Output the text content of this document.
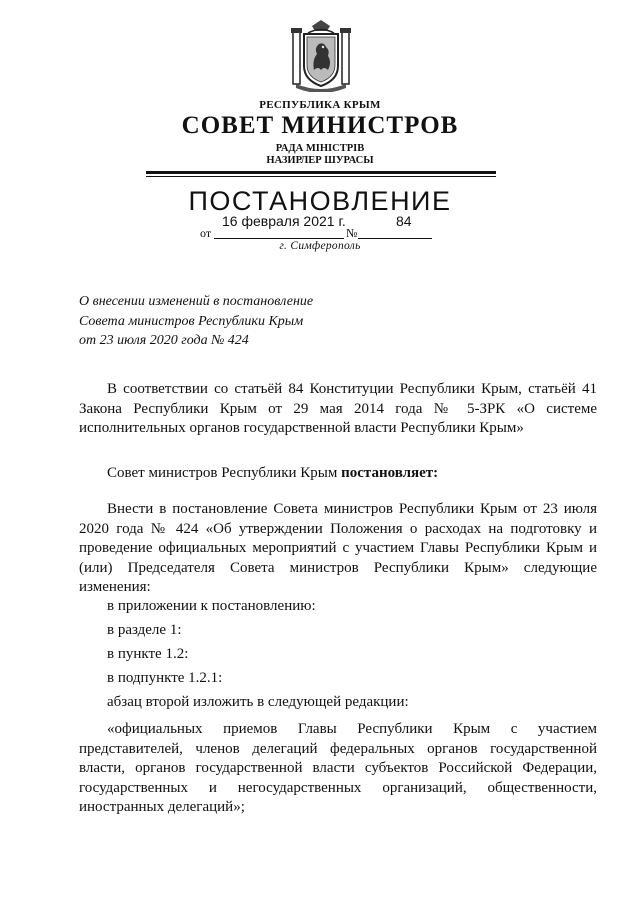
РЕСПУБЛИКА КРЫМ
СОВЕТ МИНИСТРОВ
РАДА МІНІСТРІВ
НАЗИРЛЕР ШУРАСЫ
ПОСТАНОВЛЕНИЕ
от
16 февраля 2021 г.
№
84
г. Симферополь
О внесении изменений в постановление
Совета министров Республики Крым
от 23 июля 2020 года № 424
В соответствии со статьёй 84 Конституции Республики Крым, статьёй 41 Закона Республики Крым от 29 мая 2014 года № 5-ЗРК «О системе исполнительных органов государственной власти Республики Крым»
Совет министров Республики Крым постановляет:
Внести в постановление Совета министров Республики Крым от 23 июля 2020 года № 424 «Об утверждении Положения о расходах на подготовку и проведение официальных мероприятий с участием Главы Республики Крым и (или) Председателя Совета министров Республики Крым» следующие изменения:
в приложении к постановлению:
в разделе 1:
в пункте 1.2:
в подпункте 1.2.1:
абзац второй изложить в следующей редакции:
«официальных приемов Главы Республики Крым с участием представителей, членов делегаций федеральных органов государственной власти, органов государственной власти субъектов Российской Федерации, государственных и негосударственных организаций, общественности, иностранных делегаций»;
